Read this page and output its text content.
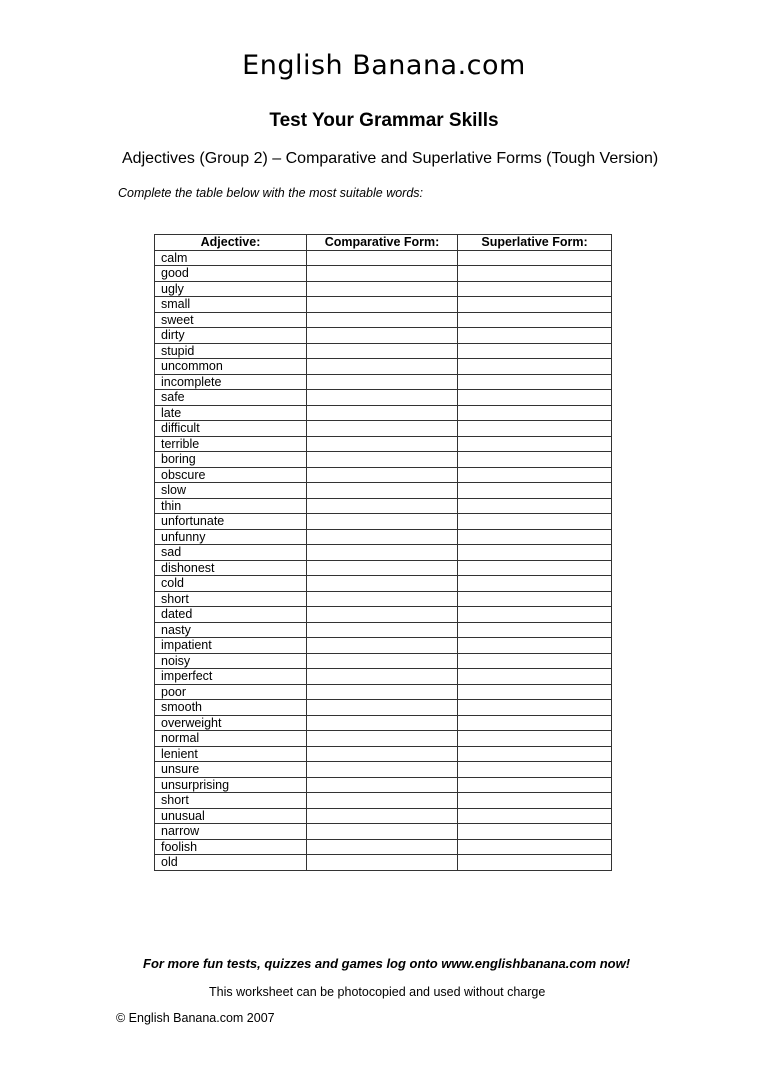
English Banana.com
Test Your Grammar Skills
Adjectives (Group 2) – Comparative and Superlative Forms (Tough Version)
Complete the table below with the most suitable words:
Adjective:	Comparative Form:	Superlative Form:
calm		
good		
ugly		
small		
sweet		
dirty		
stupid		
uncommon		
incomplete		
safe		
late		
difficult		
terrible		
boring		
obscure		
slow		
thin		
unfortunate		
unfunny		
sad		
dishonest		
cold		
short		
dated		
nasty		
impatient		
noisy		
imperfect		
poor		
smooth		
overweight		
normal		
lenient		
unsure		
unsurprising		
short		
unusual		
narrow		
foolish		
old		
For more fun tests, quizzes and games log onto www.englishbanana.com now!
This worksheet can be photocopied and used without charge
© English Banana.com 2007
